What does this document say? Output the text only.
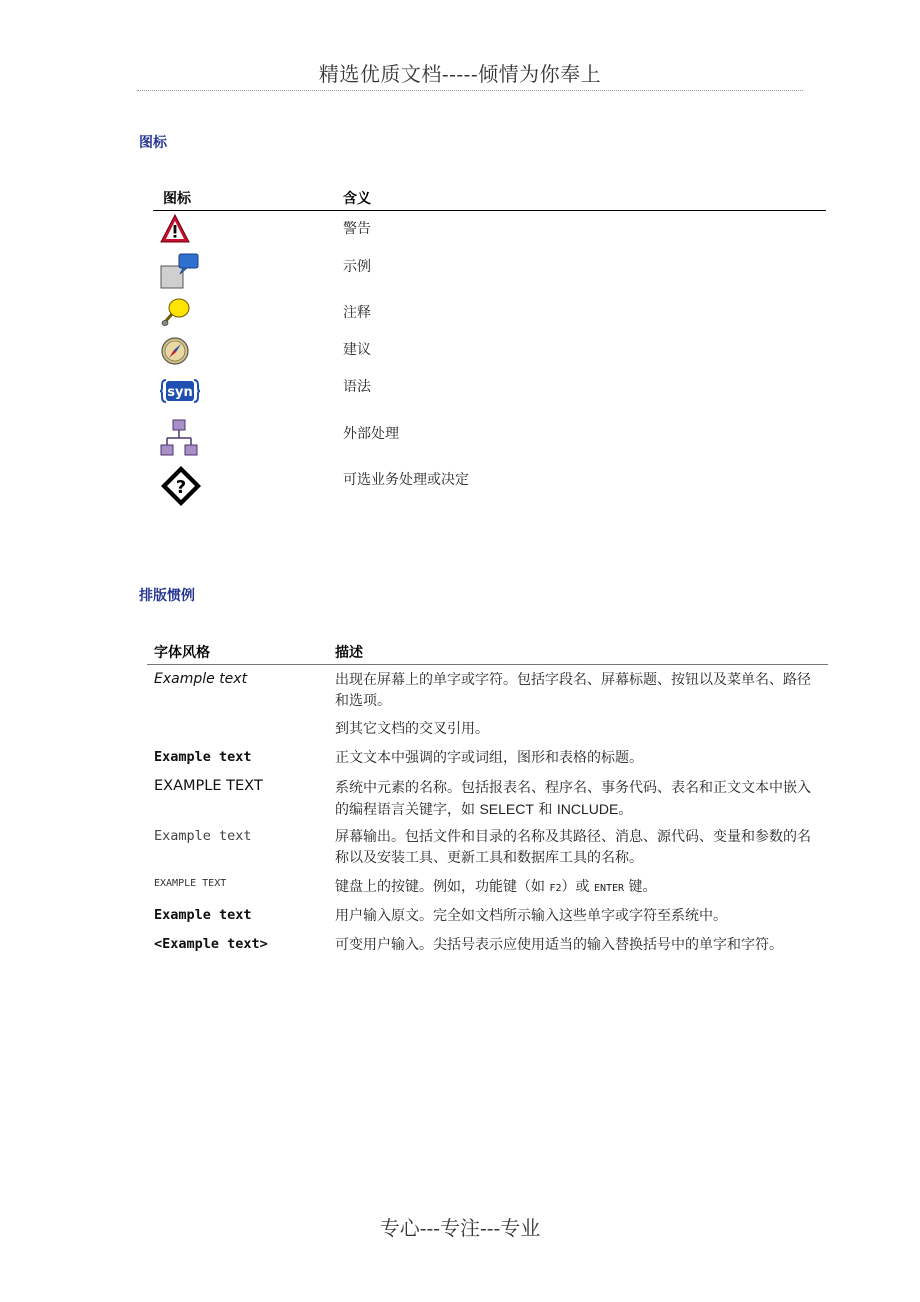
精选优质文档-----倾情为你奉上
图标
图标	含义
警告
示例
注释
建议
syn	语法
外部处理
?	可选业务处理或决定
排版惯例
字体风格	描述
Example text	出现在屏幕上的单字或字符。包括字段名、屏幕标题、按钮以及菜单名、路径和选项。
到其它文档的交叉引用。
Example text	正文文本中强调的字或词组，图形和表格的标题。
EXAMPLE TEXT	系统中元素的名称。包括报表名、程序名、事务代码、表名和正文文本中嵌入的编程语言关键字，如 SELECT 和 INCLUDE。
Example text	屏幕输出。包括文件和目录的名称及其路径、消息、源代码、变量和参数的名称以及安装工具、更新工具和数据库工具的名称。
EXAMPLE TEXT	键盘上的按键。例如，功能键（如 F2）或 ENTER 键。
Example text	用户输入原文。完全如文档所示输入这些单字或字符至系统中。
<Example text>	可变用户输入。尖括号表示应使用适当的输入替换括号中的单字和字符。
专心---专注---专业
